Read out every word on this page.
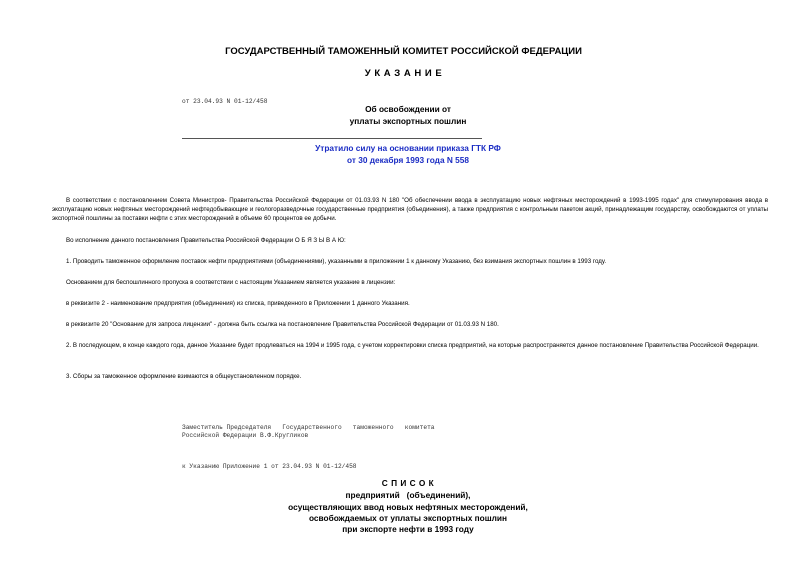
ГОСУДАРСТВЕННЫЙ ТАМОЖЕННЫЙ КОМИТЕТ РОССИЙСКОЙ ФЕДЕРАЦИИ
У К А З А Н И Е
от 23.04.93 N 01-12/458
Об освобождении от
уплаты экспортных пошлин
Утратило силу на основании приказа ГТК РФ
от 30 декабря 1993 года N 558
В соответствии с постановлением Совета Министров- Правительства Российской Федерации от 01.03.93 N 180 "Об обеспечении ввода в эксплуатацию новых нефтяных месторождений в 1993-1995 годах" для стимулирования ввода в эксплуатацию новых нефтяных месторождений нефтедобывающие и геологоразведочные государственные предприятия (объединения), а также предприятия с контрольным пакетом акций, принадлежащим государству, освобождаются от уплаты экспортной пошлины за поставки нефти с этих месторождений в объеме 60 процентов ее добычи.
Во исполнение данного постановления Правительства Российской Федерации О Б Я З Ы В А Ю:
1. Проводить таможенное оформление поставок нефти предприятиями (объединениями), указанными в приложении 1 к данному Указанию, без взимания экспортных пошлин в 1993 году.
Основанием для беспошлинного пропуска в соответствии с настоящим Указанием является указание в лицензии:
в реквизите 2 - наименование предприятия (объединения) из списка, приведенного в Приложении 1 данного Указания.
в реквизите 20 "Основание для запроса лицензии" - должна быть ссылка на постановление Правительства Российской Федерации от 01.03.93 N 180.
2. В последующем, в конце каждого года, данное Указание будет продлеваться на 1994 и 1995 года, с учетом корректировки списка предприятий, на которые распространяется данное постановление Правительства Российской Федерации.
3. Сборы за таможенное оформление взимаются в общеустановленном порядке.
Заместитель Председателя   Государственного   таможенного   комитета
Российской Федерации В.Ф.Кругликов
к Указанию Приложение 1 от 23.04.93 N 01-12/458
С П И С О К
предприятий   (объединений),
осуществляющих ввод новых нефтяных месторождений,
освобождаемых от уплаты экспортных пошлин
при экспорте нефти в 1993 году
